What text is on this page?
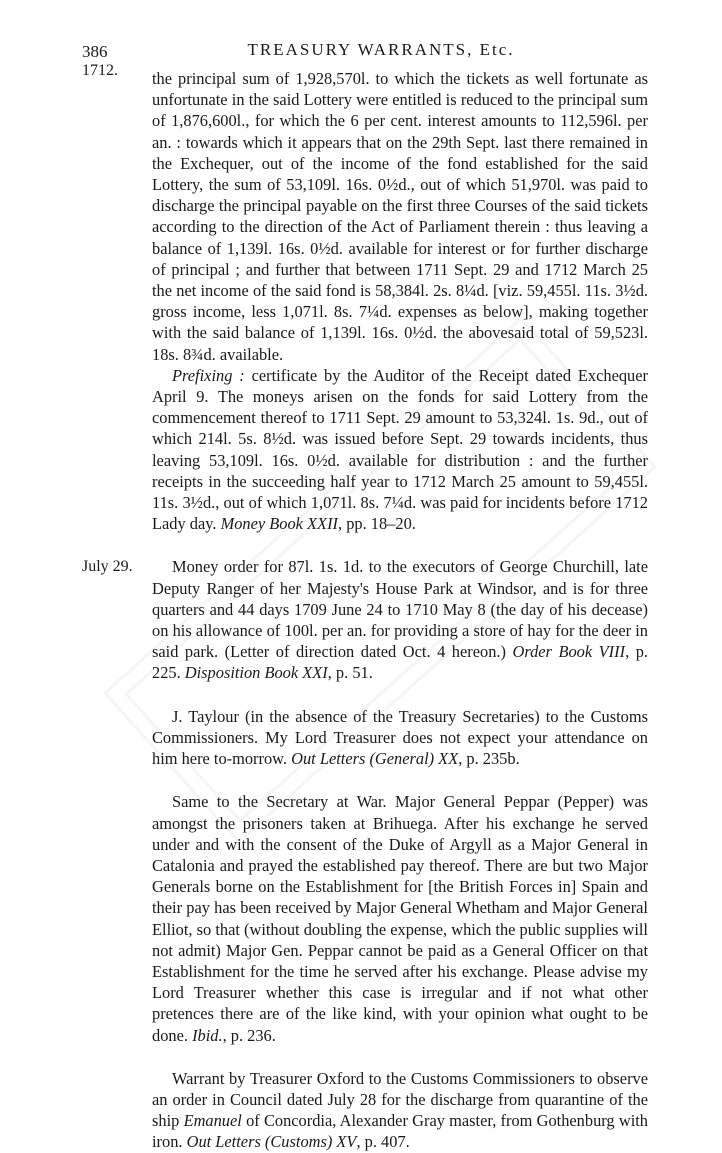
386	TREASURY WARRANTS, Etc.
1712. the principal sum of 1,928,570l. to which the tickets as well fortunate as unfortunate in the said Lottery were entitled is reduced to the principal sum of 1,876,600l., for which the 6 per cent. interest amounts to 112,596l. per an. : towards which it appears that on the 29th Sept. last there remained in the Exchequer, out of the income of the fond established for the said Lottery, the sum of 53,109l. 16s. 0½d., out of which 51,970l. was paid to discharge the principal payable on the first three Courses of the said tickets according to the direction of the Act of Parliament therein : thus leaving a balance of 1,139l. 16s. 0½d. available for interest or for further discharge of principal ; and further that between 1711 Sept. 29 and 1712 March 25 the net income of the said fond is 58,384l. 2s. 8¼d. [viz. 59,455l. 11s. 3½d. gross income, less 1,071l. 8s. 7¼d. expenses as below], making together with the said balance of 1,139l. 16s. 0½d. the abovesaid total of 59,523l. 18s. 8¾d. available.

Prefixing : certificate by the Auditor of the Receipt dated Exchequer April 9. The moneys arisen on the fonds for said Lottery from the commencement thereof to 1711 Sept. 29 amount to 53,324l. 1s. 9d., out of which 214l. 5s. 8½d. was issued before Sept. 29 towards incidents, thus leaving 53,109l. 16s. 0½d. available for distribution : and the further receipts in the succeeding half year to 1712 March 25 amount to 59,455l. 11s. 3½d., out of which 1,071l. 8s. 7¼d. was paid for incidents before 1712 Lady day. Money Book XXII, pp. 18–20.

July 29.	Money order for 87l. 1s. 1d. to the executors of George Churchill, late Deputy Ranger of her Majesty's House Park at Windsor, and is for three quarters and 44 days 1709 June 24 to 1710 May 8 (the day of his decease) on his allowance of 100l. per an. for providing a store of hay for the deer in said park. (Letter of direction dated Oct. 4 hereon.) Order Book VIII, p. 225. Disposition Book XXI, p. 51.

J. Taylour (in the absence of the Treasury Secretaries) to the Customs Commissioners. My Lord Treasurer does not expect your attendance on him here to-morrow. Out Letters (General) XX, p. 235b.

Same to the Secretary at War. Major General Peppar (Pepper) was amongst the prisoners taken at Brihuega. After his exchange he served under and with the consent of the Duke of Argyll as a Major General in Catalonia and prayed the established pay thereof. There are but two Major Generals borne on the Establishment for [the British Forces in] Spain and their pay has been received by Major General Whetham and Major General Elliot, so that (without doubling the expense, which the public supplies will not admit) Major Gen. Peppar cannot be paid as a General Officer on that Establishment for the time he served after his exchange. Please advise my Lord Treasurer whether this case is irregular and if not what other pretences there are of the like kind, with your opinion what ought to be done. Ibid., p. 236.

Warrant by Treasurer Oxford to the Customs Commissioners to observe an order in Council dated July 28 for the discharge from quarantine of the ship Emanuel of Concordia, Alexander Gray master, from Gothenburg with iron. Out Letters (Customs) XV, p. 407.
